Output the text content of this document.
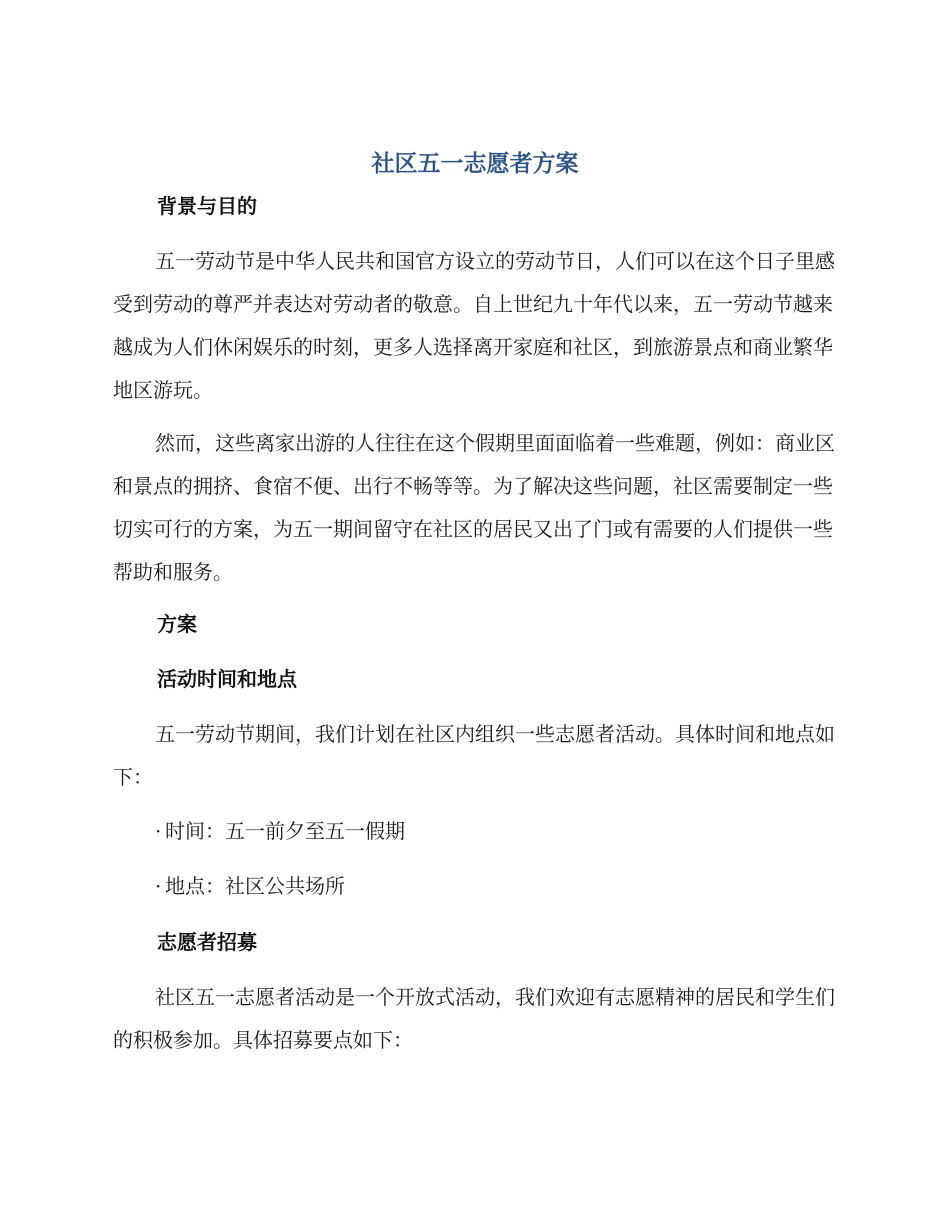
社区五一志愿者方案
背景与目的
五一劳动节是中华人民共和国官方设立的劳动节日，人们可以在这个日子里感受到劳动的尊严并表达对劳动者的敬意。自上世纪九十年代以来，五一劳动节越来越成为人们休闲娱乐的时刻，更多人选择离开家庭和社区，到旅游景点和商业繁华地区游玩。
然而，这些离家出游的人往往在这个假期里面面临着一些难题，例如：商业区和景点的拥挤、食宿不便、出行不畅等等。为了解决这些问题，社区需要制定一些切实可行的方案，为五一期间留守在社区的居民又出了门或有需要的人们提供一些帮助和服务。
方案
活动时间和地点
五一劳动节期间，我们计划在社区内组织一些志愿者活动。具体时间和地点如下：
· 时间：五一前夕至五一假期
· 地点：社区公共场所
志愿者招募
社区五一志愿者活动是一个开放式活动，我们欢迎有志愿精神的居民和学生们的积极参加。具体招募要点如下：
